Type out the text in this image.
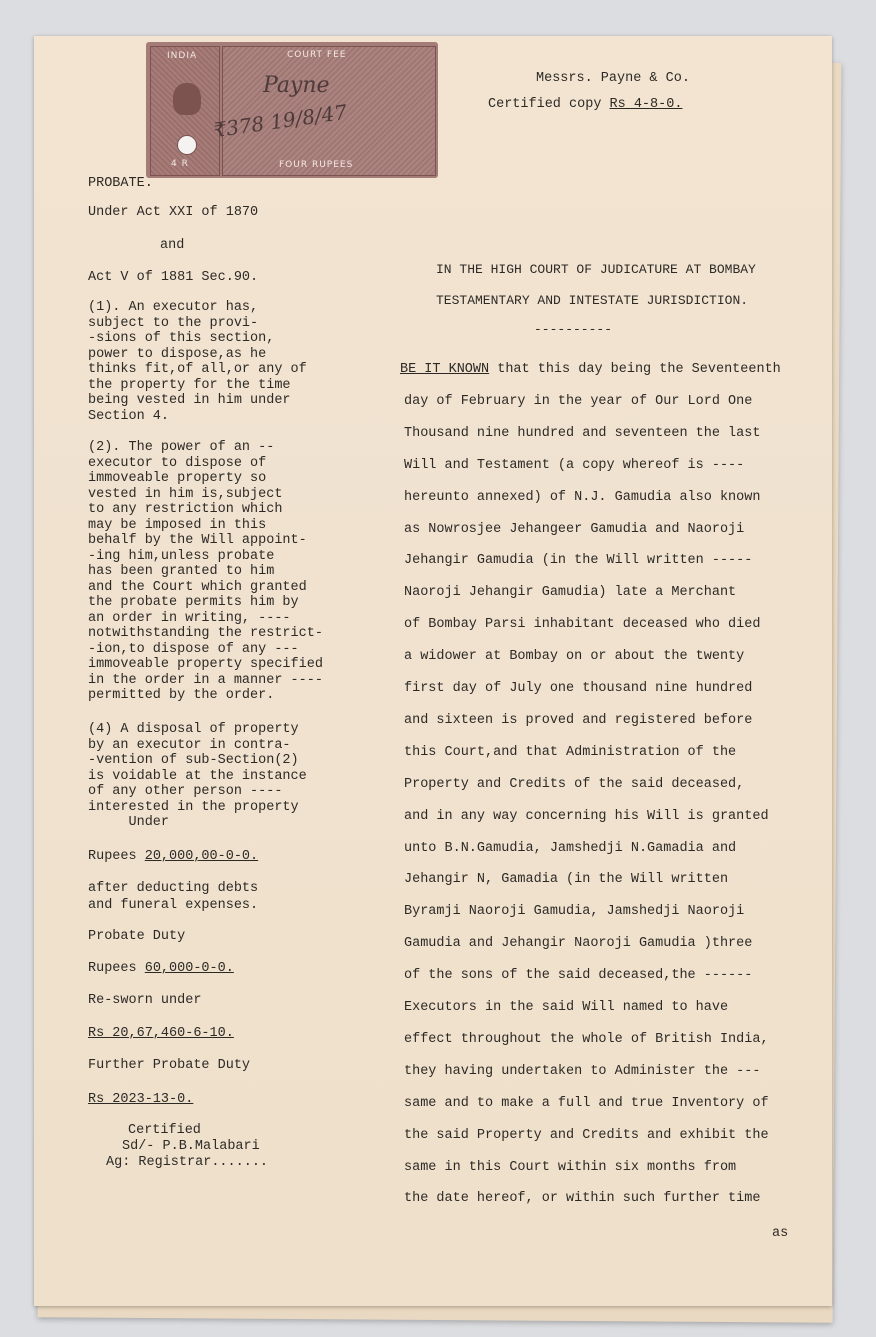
INDIA
4 R
COURT FEE
Payne
₹378 19/8/47
FOUR RUPEES
Messrs. Payne & Co.
Certified copy Rs 4-8-0.
PROBATE.
Under Act XXI of 1870
and
Act V of 1881 Sec.90.
(1). An executor has,
subject to the provi-
-sions of this section,
power to dispose,as he
thinks fit,of all,or any of
the property for the time
being vested in him under
Section 4.
(2). The power of an --
executor to dispose of
immoveable property so
vested in him is,subject
to any restriction which
may be imposed in this
behalf by the Will appoint-
-ing him,unless probate
has been granted to him
and the Court which granted
the probate permits him by
an order in writing, ----
notwithstanding the restrict-
-ion,to dispose of any ---
immoveable property specified
in the order in a manner ----
permitted by the order.
(4) A disposal of property
by an executor in contra-
-vention of sub-Section(2)
is voidable at the instance
of any other person ----
interested in the property
Under
Rupees 20,000,00-0-0.
after deducting debts
and funeral expenses.
Probate Duty
Rupees 60,000-0-0.
Re-sworn under
Rs 20,67,460-6-10.
Further Probate Duty
Rs 2023-13-0.
Certified
Sd/- P.B.Malabari
Ag: Registrar.......
IN THE HIGH COURT OF JUDICATURE AT BOMBAY
TESTAMENTARY AND INTESTATE JURISDICTION.
----------
BE IT KNOWN that this day being the Seventeenth
day of February in the year of Our Lord One
Thousand nine hundred and seventeen the last
Will and Testament (a copy whereof is ----
hereunto annexed) of N.J. Gamudia also known
as Nowrosjee Jehangeer Gamudia and Naoroji
Jehangir Gamudia (in the Will written -----
Naoroji Jehangir Gamudia) late a Merchant
of Bombay Parsi inhabitant deceased who died
a widower at Bombay on or about the twenty
first day of July one thousand nine hundred
and sixteen is proved and registered before
this Court,and that Administration of the
Property and Credits of the said deceased,
and in any way concerning his Will is granted
unto B.N.Gamudia, Jamshedji N.Gamadia and
Jehangir N, Gamadia (in the Will written
Byramji Naoroji Gamudia, Jamshedji Naoroji
Gamudia and Jehangir Naoroji Gamudia )three
of the sons of the said deceased,the ------
Executors in the said Will named to have
effect throughout the whole of British India,
they having undertaken to Administer the ---
same and to make a full and true Inventory of
the said Property and Credits and exhibit the
same in this Court within six months from
the date hereof, or within such further time
as
